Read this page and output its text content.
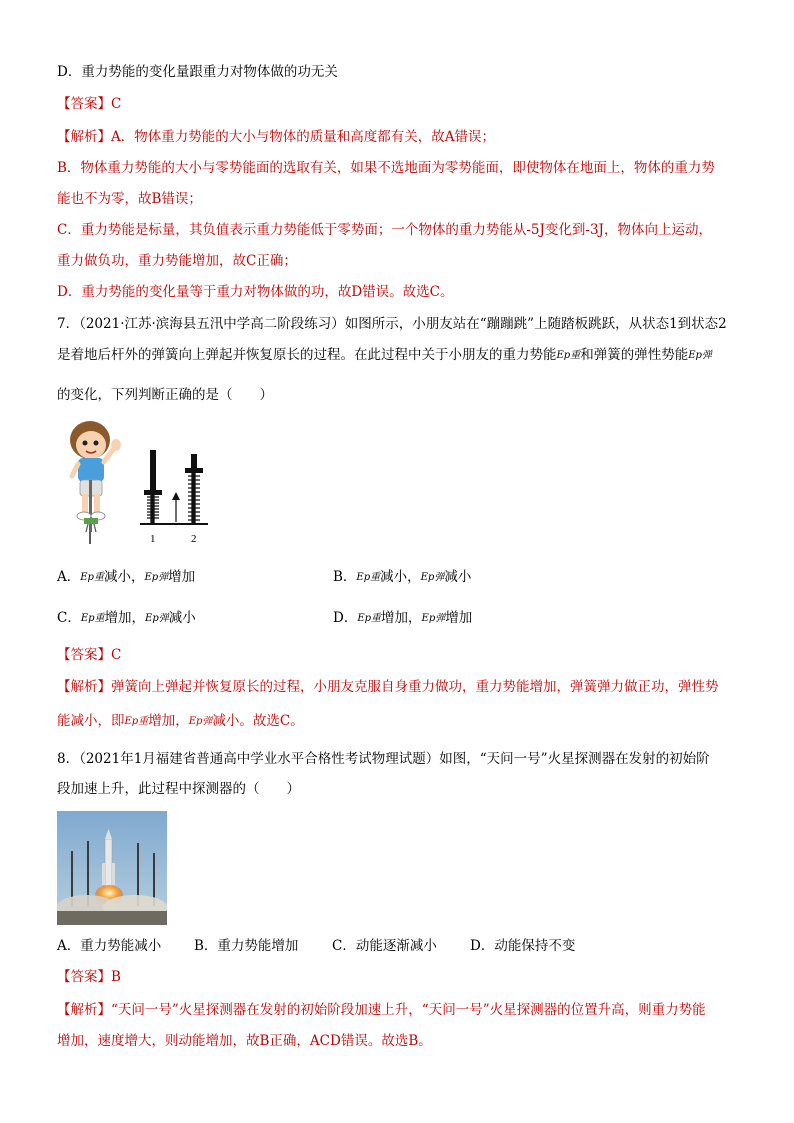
D．重力势能的变化量跟重力对物体做的功无关
【答案】C
【解析】A．物体重力势能的大小与物体的质量和高度都有关，故A错误；
B．物体重力势能的大小与零势能面的选取有关，如果不选地面为零势能面，即使物体在地面上，物体的重力势
能也不为零，故B错误；
C．重力势能是标量，其负值表示重力势能低于零势面；一个物体的重力势能从-5J变化到-3J，物体向上运动，
重力做负功，重力势能增加，故C正确；
D．重力势能的变化量等于重力对物体做的功，故D错误。故选C。
7．（2021·江苏·滨海县五汛中学高二阶段练习）如图所示，小朋友站在“蹦蹦跳”上随踏板跳跃，从状态1到状态2
是着地后杆外的弹簧向上弹起并恢复原长的过程。在此过程中关于小朋友的重力势能Ep重和弹簧的弹性势能Ep弹
的变化，下列判断正确的是（　　）
1	2
A．Ep重减小，Ep弹增加	B．Ep重减小，Ep弹减小
C．Ep重增加，Ep弹减小	D．Ep重增加，Ep弹增加
【答案】C
【解析】弹簧向上弹起并恢复原长的过程，小朋友克服自身重力做功，重力势能增加，弹簧弹力做正功，弹性势
能减小，即Ep重增加，Ep弹减小。故选C。
8．（2021年1月福建省普通高中学业水平合格性考试物理试题）如图，“天问一号”火星探测器在发射的初始阶
段加速上升，此过程中探测器的（　　）
A．重力势能减小 B．重力势能增加 C．动能逐渐减小 D．动能保持不变
【答案】B
【解析】“天问一号”火星探测器在发射的初始阶段加速上升，“天问一号”火星探测器的位置升高，则重力势能
增加，速度增大，则动能增加，故B正确，ACD错误。故选B。
